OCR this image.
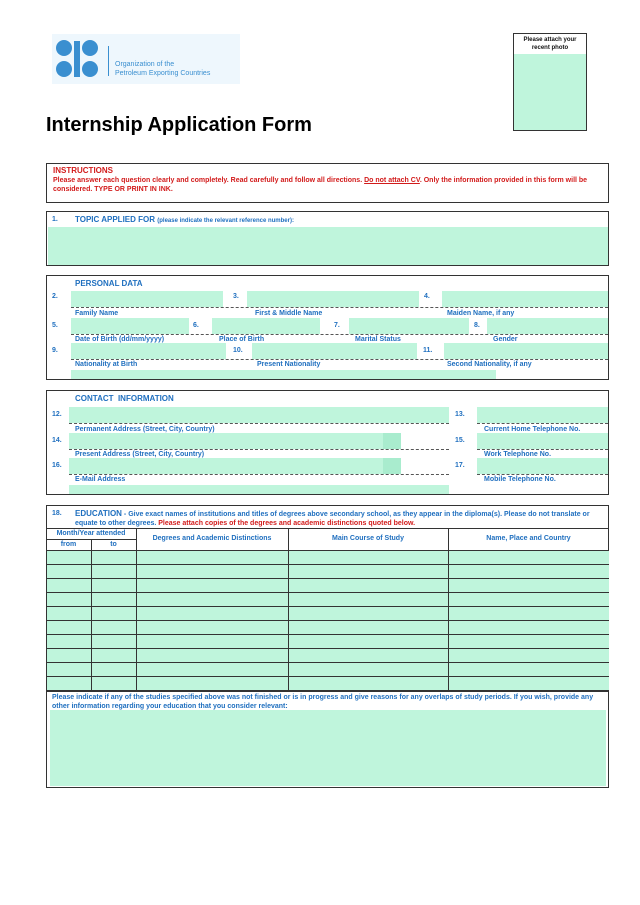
Organization of the
Petroleum Exporting Countries
Please attach your recent photo
Internship Application Form
INSTRUCTIONS
Please answer each question clearly and completely. Read carefully and follow all directions. Do not attach CV. Only the information provided in this form will be considered. TYPE OR PRINT IN INK.
1. TOPIC APPLIED FOR (please indicate the relevant reference number):
PERSONAL DATA
2.	3.	4.
Family Name	First & Middle Name	Maiden Name, if any
5.	6.	7.	8.
Date of Birth (dd/mm/yyyy)	Place of Birth	Marital Status	Gender
9.	10.	11.
Nationality at Birth	Present Nationality	Second Nationality, if any
CONTACT  INFORMATION
12.	13.
Permanent Address (Street, City, Country)	Current Home Telephone No.
14.	15.
Present Address (Street, City, Country)	Work Telephone No.
16.	17.
E-Mail Address	Mobile Telephone No.
18. EDUCATION - Give exact names of institutions and titles of degrees above secondary school, as they appear in the diploma(s). Please do not translate or equate to other degrees. Please attach copies of the degrees and academic distinctions quoted below.
Month/Year attended
from	to
Degrees and Academic Distinctions	Main Course of Study	Name, Place and Country
Please indicate if any of the studies specified above was not finished or is in progress and give reasons for any overlaps of study periods. If you wish, provide any other information regarding your education that you consider relevant:
